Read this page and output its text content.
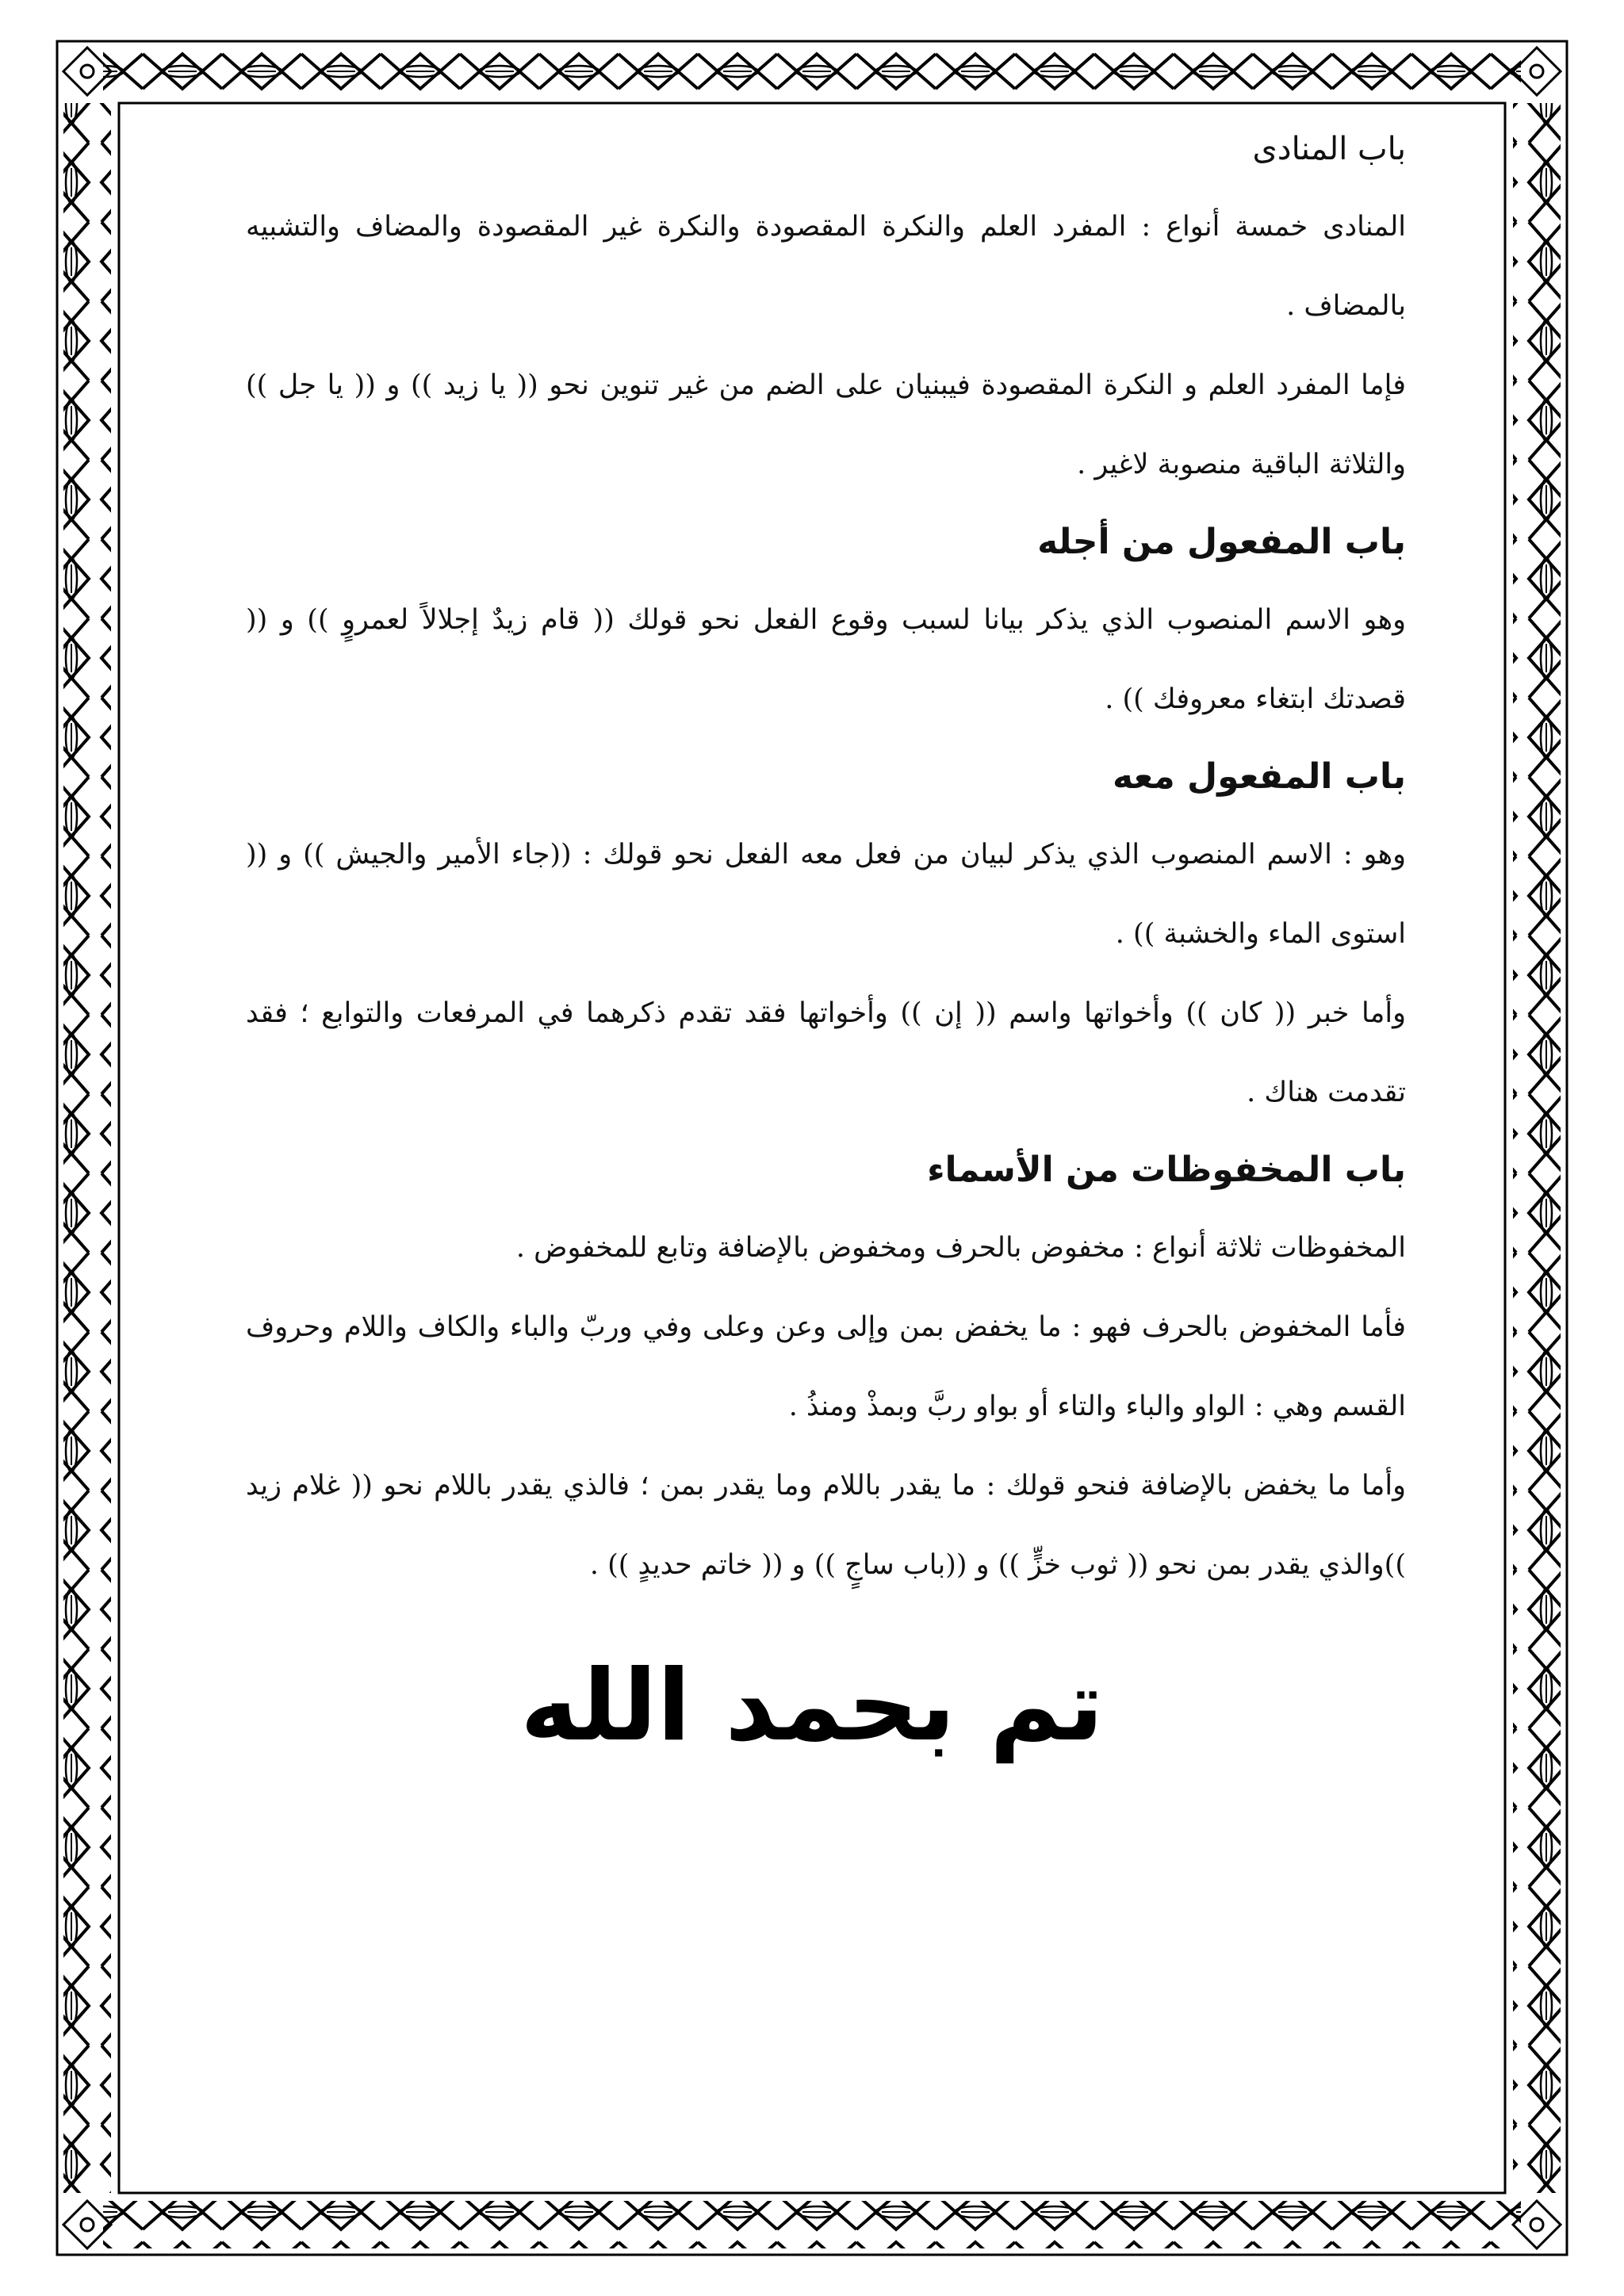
باب المنادى

المنادى خمسة أنواع : المفرد العلم والنكرة المقصودة والنكرة غير المقصودة والمضاف والتشبيه بالمضاف .

فإما المفرد العلم و النكرة المقصودة فيبنيان على الضم من غير تنوين نحو (( يا زيد )) و (( يا جل )) والثلاثة الباقية منصوبة لاغير .

باب المفعول من أجله

وهو الاسم المنصوب الذي يذكر بيانا لسبب وقوع الفعل نحو قولك (( قام زيدٌ إجلالاً لعمروٍ )) و (( قصدتك ابتغاء معروفك )) .

باب المفعول معه

وهو : الاسم المنصوب الذي يذكر لبيان من فعل معه الفعل نحو قولك : ((جاء الأمير والجيش )) و (( استوى الماء والخشبة )) .

وأما خبر (( كان )) وأخواتها واسم (( إن )) وأخواتها فقد تقدم ذكرهما في المرفعات والتوابع ؛ فقد تقدمت هناك .

باب المخفوظات من الأسماء

المخفوظات ثلاثة أنواع : مخفوض بالحرف ومخفوض بالإضافة وتابع للمخفوض .

فأما المخفوض بالحرف فهو : ما يخفض بمن وإلى وعن وعلى وفي وربّ والباء والكاف واللام وحروف القسم وهي : الواو والباء والتاء أو بواو ربَّ وبمذْ ومنذُ .

وأما ما يخفض بالإضافة فنحو قولك : ما يقدر باللام وما يقدر بمن ؛ فالذي يقدر باللام نحو (( غلام زيد ))والذي يقدر بمن نحو (( ثوب خزٍّ )) و ((باب ساجٍ )) و (( خاتم حديدٍ )) .

تم بحمد الله
